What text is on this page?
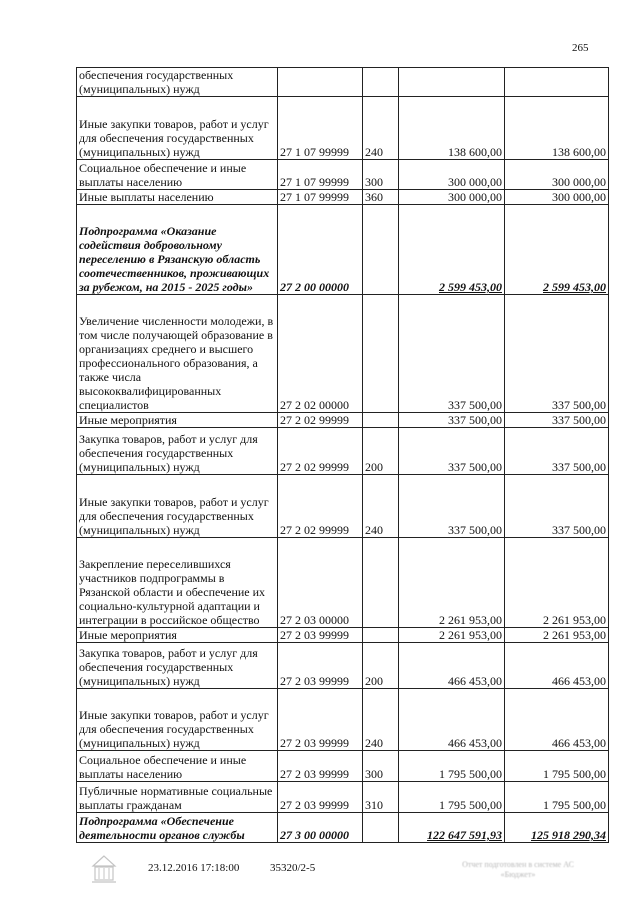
265
обеспечения государственных (муниципальных) нужд				
Иные закупки товаров, работ и услуг для обеспечения государственных (муниципальных) нужд	27 1 07 99999	240	138 600,00	138 600,00
Социальное обеспечение и иные выплаты населению	27 1 07 99999	300	300 000,00	300 000,00
Иные выплаты населению	27 1 07 99999	360	300 000,00	300 000,00
Подпрограмма «Оказание содействия добровольному переселению в Рязанскую область соотечественников, проживающих за рубежом, на 2015 - 2025 годы»	27 2 00 00000		2 599 453,00	2 599 453,00
Увеличение численности молодежи, в том числе получающей образование в организациях среднего и высшего профессионального образования, а также числа высококвалифицированных специалистов	27 2 02 00000		337 500,00	337 500,00
Иные мероприятия	27 2 02 99999		337 500,00	337 500,00
Закупка товаров, работ и услуг для обеспечения государственных (муниципальных) нужд	27 2 02 99999	200	337 500,00	337 500,00
Иные закупки товаров, работ и услуг для обеспечения государственных (муниципальных) нужд	27 2 02 99999	240	337 500,00	337 500,00
Закрепление переселившихся участников подпрограммы в Рязанской области и обеспечение их социально-культурной адаптации и интеграции в российское общество	27 2 03 00000		2 261 953,00	2 261 953,00
Иные мероприятия	27 2 03 99999		2 261 953,00	2 261 953,00
Закупка товаров, работ и услуг для обеспечения государственных (муниципальных) нужд	27 2 03 99999	200	466 453,00	466 453,00
Иные закупки товаров, работ и услуг для обеспечения государственных (муниципальных) нужд	27 2 03 99999	240	466 453,00	466 453,00
Социальное обеспечение и иные выплаты населению	27 2 03 99999	300	1 795 500,00	1 795 500,00
Публичные нормативные социальные выплаты гражданам	27 2 03 99999	310	1 795 500,00	1 795 500,00
Подпрограмма «Обеспечение деятельности органов службы	27 3 00 00000		122 647 591,93	125 918 290,34
23.12.2016 17:18:00	35320/2-5	Отчет подготовлен в системе АС «Бюджет»
